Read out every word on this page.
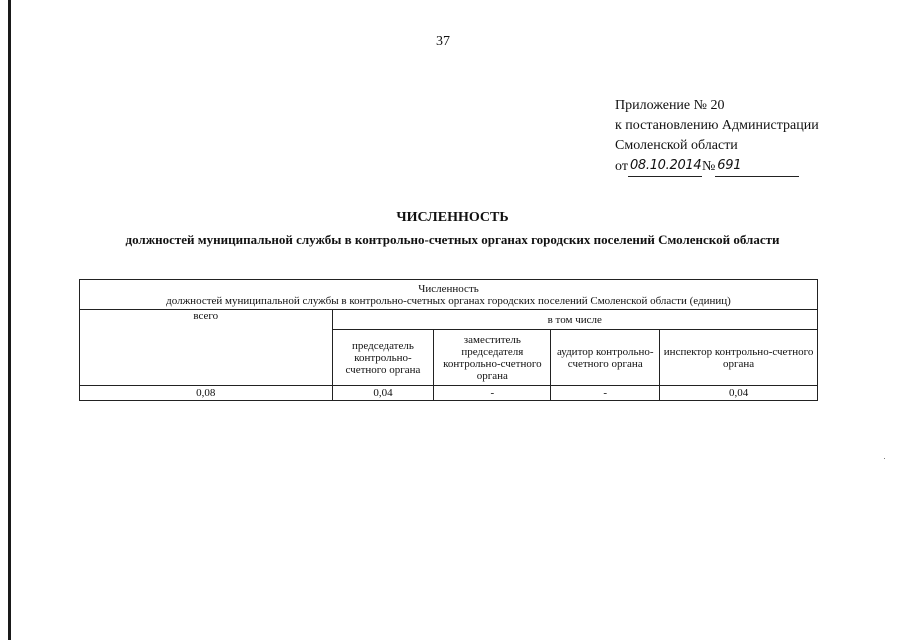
37
Приложение № 20
к постановлению Администрации
Смоленской области
от 08.10.2014 № 691
ЧИСЛЕННОСТЬ
должностей муниципальной службы в контрольно-счетных органах городских поселений Смоленской области
Численность
должностей муниципальной службы в контрольно-счетных органах городских поселений Смоленской области (единиц)				

всего	в том числе			
	председатель контрольно-счетного органа	заместитель председателя контрольно-счетного органа	аудитор контрольно-счетного органа	инспектор контрольно-счетного органа
0,08	0,04	-	-	0,04
